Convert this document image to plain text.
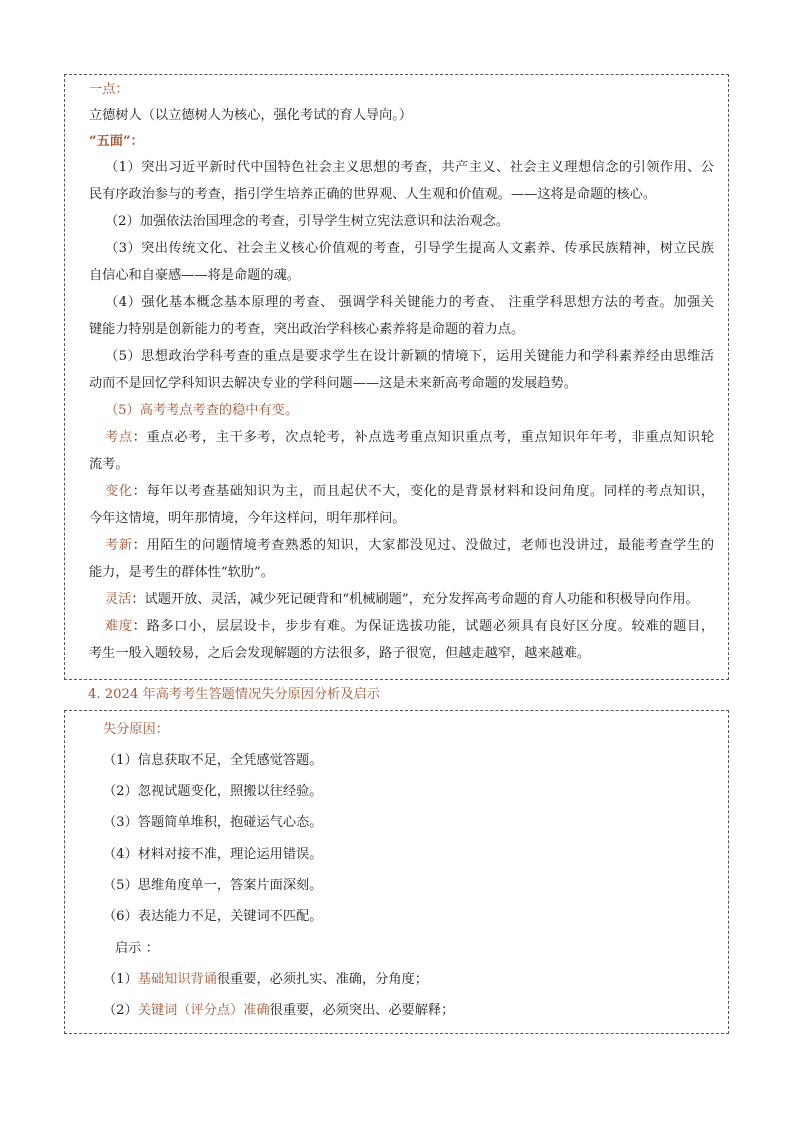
一点：
立德树人（以立德树人为核心，强化考试的育人导向。）
“五面”：
（1）突出习近平新时代中国特色社会主义思想的考查，共产主义、社会主义理想信念的引领作用、公
民有序政治参与的考查，指引学生培养正确的世界观、人生观和价值观。——这将是命题的核心。
（2）加强依法治国理念的考查，引导学生树立宪法意识和法治观念。
（3）突出传统文化、社会主义核心价值观的考查，引导学生提高人文素养、传承民族精神，树立民族
自信心和自豪感——将是命题的魂。
（4）强化基本概念基本原理的考查、 强调学科关键能力的考查、 注重学科思想方法的考查。加强关
键能力特别是创新能力的考查，突出政治学科核心素养将是命题的着力点。
（5）思想政治学科考查的重点是要求学生在设计新颖的情境下，运用关键能力和学科素养经由思维活
动而不是回忆学科知识去解决专业的学科问题——这是未来新高考命题的发展趋势。
（5）高考考点考查的稳中有变。
考点：重点必考，主干多考，次点轮考，补点选考重点知识重点考，重点知识年年考，非重点知识轮
流考。
变化：每年以考查基础知识为主，而且起伏不大，变化的是背景材料和设问角度。同样的考点知识，
今年这情境，明年那情境，今年这样问，明年那样问。
考新：用陌生的问题情境考查熟悉的知识，大家都没见过、没做过，老师也没讲过，最能考查学生的
能力，是考生的群体性“软肋”。
灵活：试题开放、灵活，减少死记硬背和“机械刷题”，充分发挥高考命题的育人功能和积极导向作用。
难度：路多口小，层层设卡，步步有难。为保证选拔功能，试题必须具有良好区分度。较难的题目，
考生一般入题较易，之后会发现解题的方法很多，路子很宽，但越走越窄，越来越难。
4. 2024 年高考考生答题情况失分原因分析及启示
失分原因：
（1）信息获取不足，全凭感觉答题。
（2）忽视试题变化，照搬以往经验。
（3）答题简单堆积，抱碰运气心态。
（4）材料对接不准，理论运用错误。
（5）思维角度单一，答案片面深刻。
（6）表达能力不足，关键词不匹配。
启示 ：
（1）基础知识背诵很重要，必须扎实、准确，分角度；
（2）关键词（评分点）准确很重要，必须突出、必要解释；
